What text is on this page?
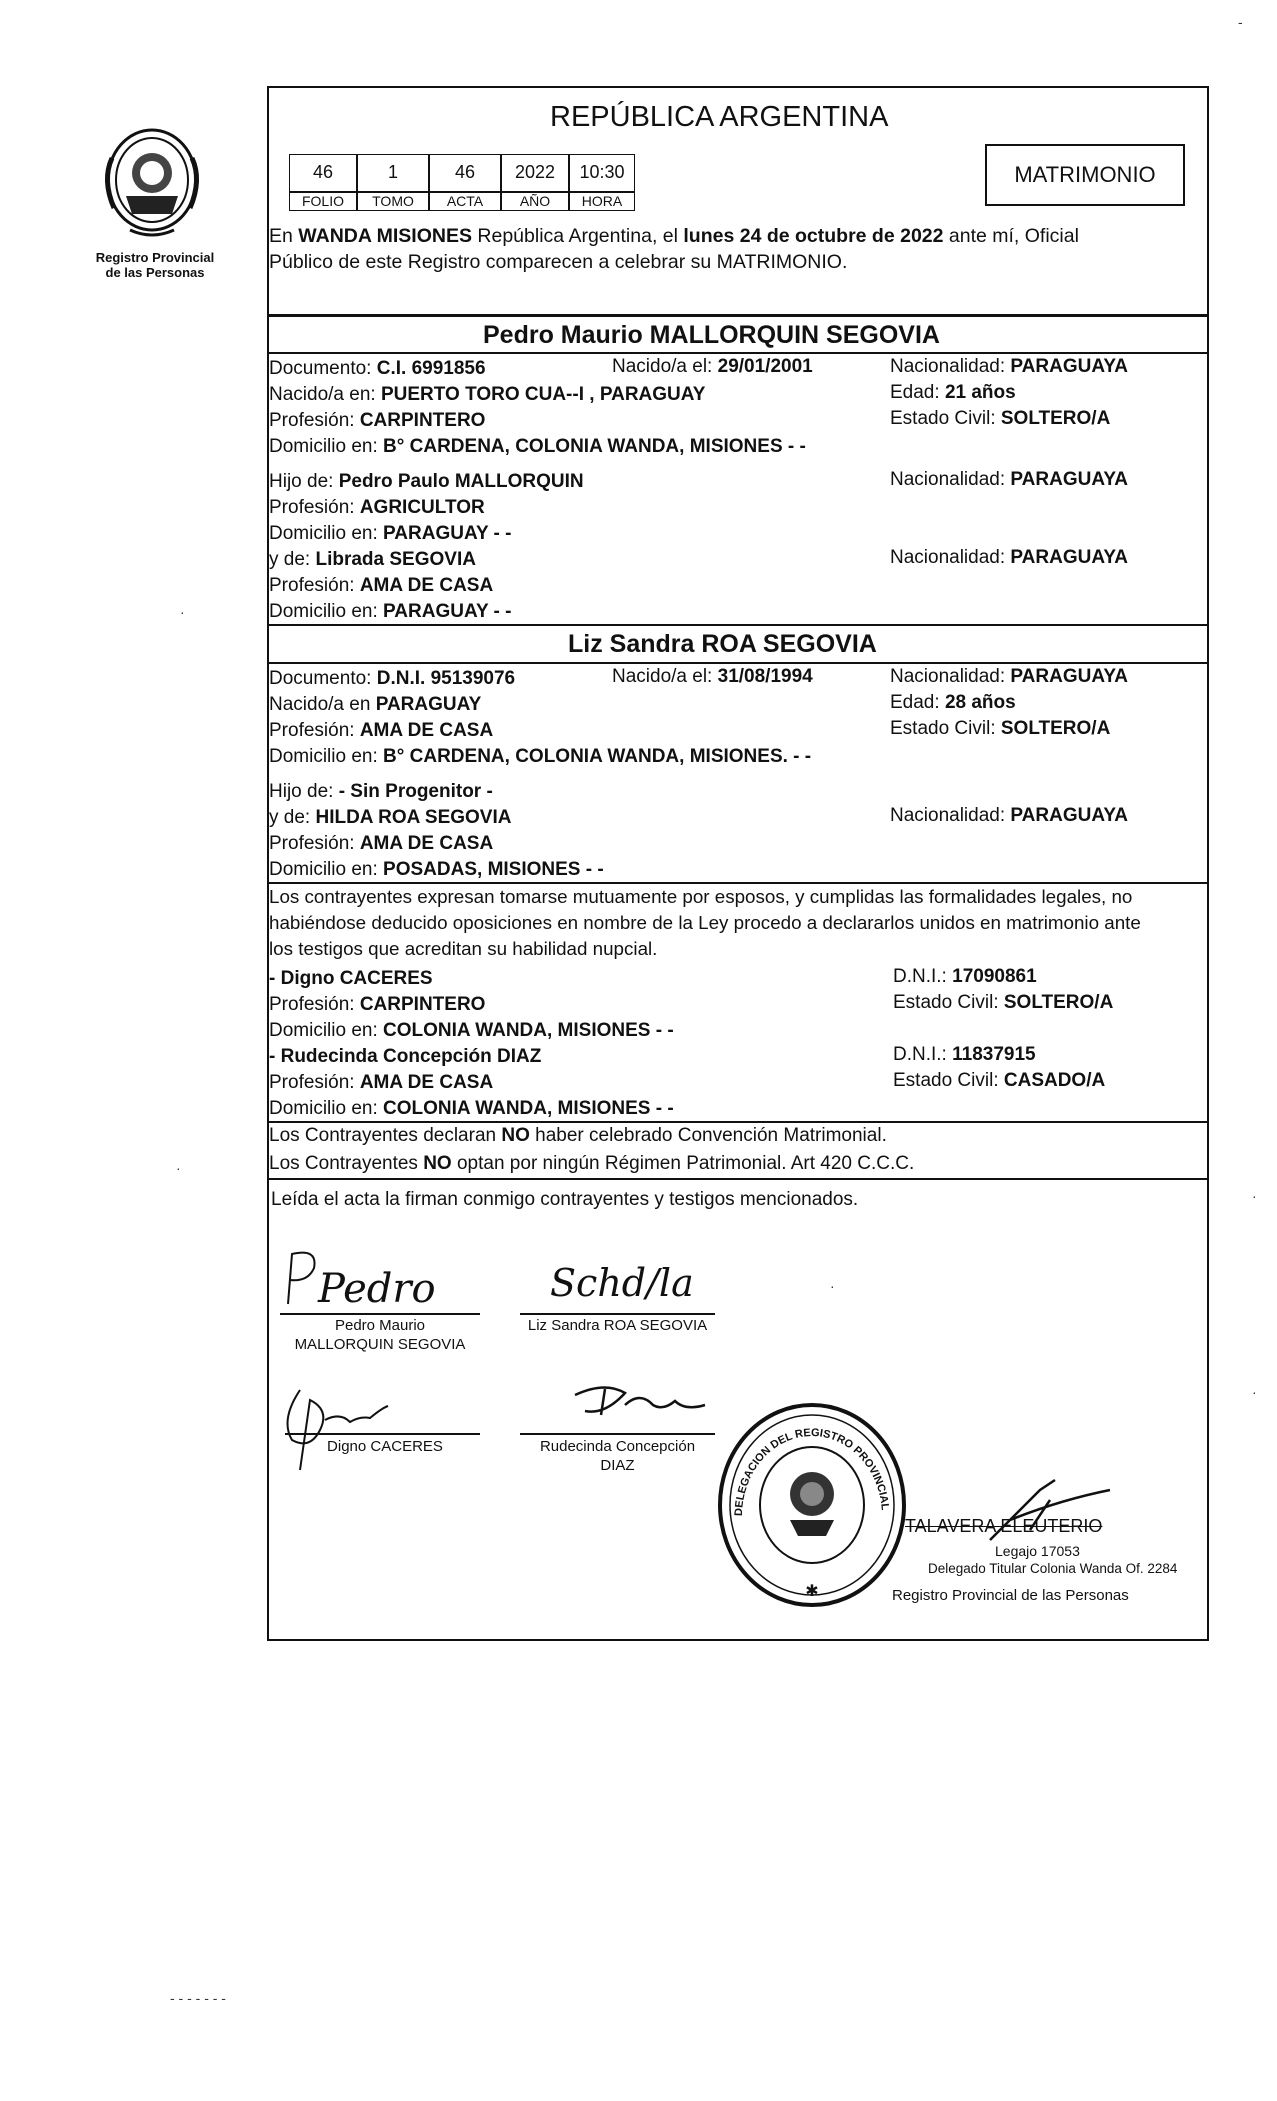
Registro Provincial
de las Personas
REPÚBLICA ARGENTINA
46	1	46	2022	10:30
FOLIO	TOMO	ACTA	AÑO	HORA
MATRIMONIO
En WANDA MISIONES República Argentina, el lunes 24 de octubre de 2022 ante mí, Oficial
Público de este Registro comparecen a celebrar su MATRIMONIO.
Pedro Maurio MALLORQUIN SEGOVIA
Documento: C.I. 6991856	Nacido/a el: 29/01/2001	Nacionalidad: PARAGUAYA
Nacido/a en: PUERTO TORO CUA--I , PARAGUAY	Edad: 21 años
Profesión: CARPINTERO	Estado Civil: SOLTERO/A
Domicilio en: B° CARDENA, COLONIA WANDA, MISIONES - -
Hijo de: Pedro Paulo MALLORQUIN	Nacionalidad: PARAGUAYA
Profesión: AGRICULTOR
Domicilio en: PARAGUAY - -
y de: Librada SEGOVIA	Nacionalidad: PARAGUAYA
Profesión: AMA DE CASA
Domicilio en: PARAGUAY - -
Liz Sandra ROA SEGOVIA
Documento: D.N.I. 95139076	Nacido/a el: 31/08/1994	Nacionalidad: PARAGUAYA
Nacido/a en PARAGUAY	Edad: 28 años
Profesión: AMA DE CASA	Estado Civil: SOLTERO/A
Domicilio en: B° CARDENA, COLONIA WANDA, MISIONES. - -
Hijo de: - Sin Progenitor -
y de: HILDA ROA SEGOVIA	Nacionalidad: PARAGUAYA
Profesión: AMA DE CASA
Domicilio en: POSADAS, MISIONES - -
Los contrayentes expresan tomarse mutuamente por esposos, y cumplidas las formalidades legales, no
habiéndose deducido oposiciones en nombre de la Ley procedo a declararlos unidos en matrimonio ante
los testigos que acreditan su habilidad nupcial.
- Digno CACERES	D.N.I.: 17090861
Profesión: CARPINTERO	Estado Civil: SOLTERO/A
Domicilio en: COLONIA WANDA, MISIONES - -
- Rudecinda Concepción DIAZ	D.N.I.: 11837915
Profesión: AMA DE CASA	Estado Civil: CASADO/A
Domicilio en: COLONIA WANDA, MISIONES - -
Los Contrayentes declaran NO haber celebrado Convención Matrimonial.
Los Contrayentes NO optan por ningún Régimen Patrimonial. Art 420 C.C.C.
Leída el acta la firman conmigo contrayentes y testigos mencionados.
Pedro
Pedro Maurio
MALLORQUIN SEGOVIA
Schd/la
Liz Sandra ROA SEGOVIA
Digno CACERES	Rudecinda Concepción
DIAZ
DELEGACION DEL REGISTRO PROVINCIAL
✱
TALAVERA ELEUTERIO
Legajo 17053
Delegado Titular Colonia Wanda Of. 2284
Registro Provincial de las Personas
-
·
·
·
·
·
- - - - - - -
